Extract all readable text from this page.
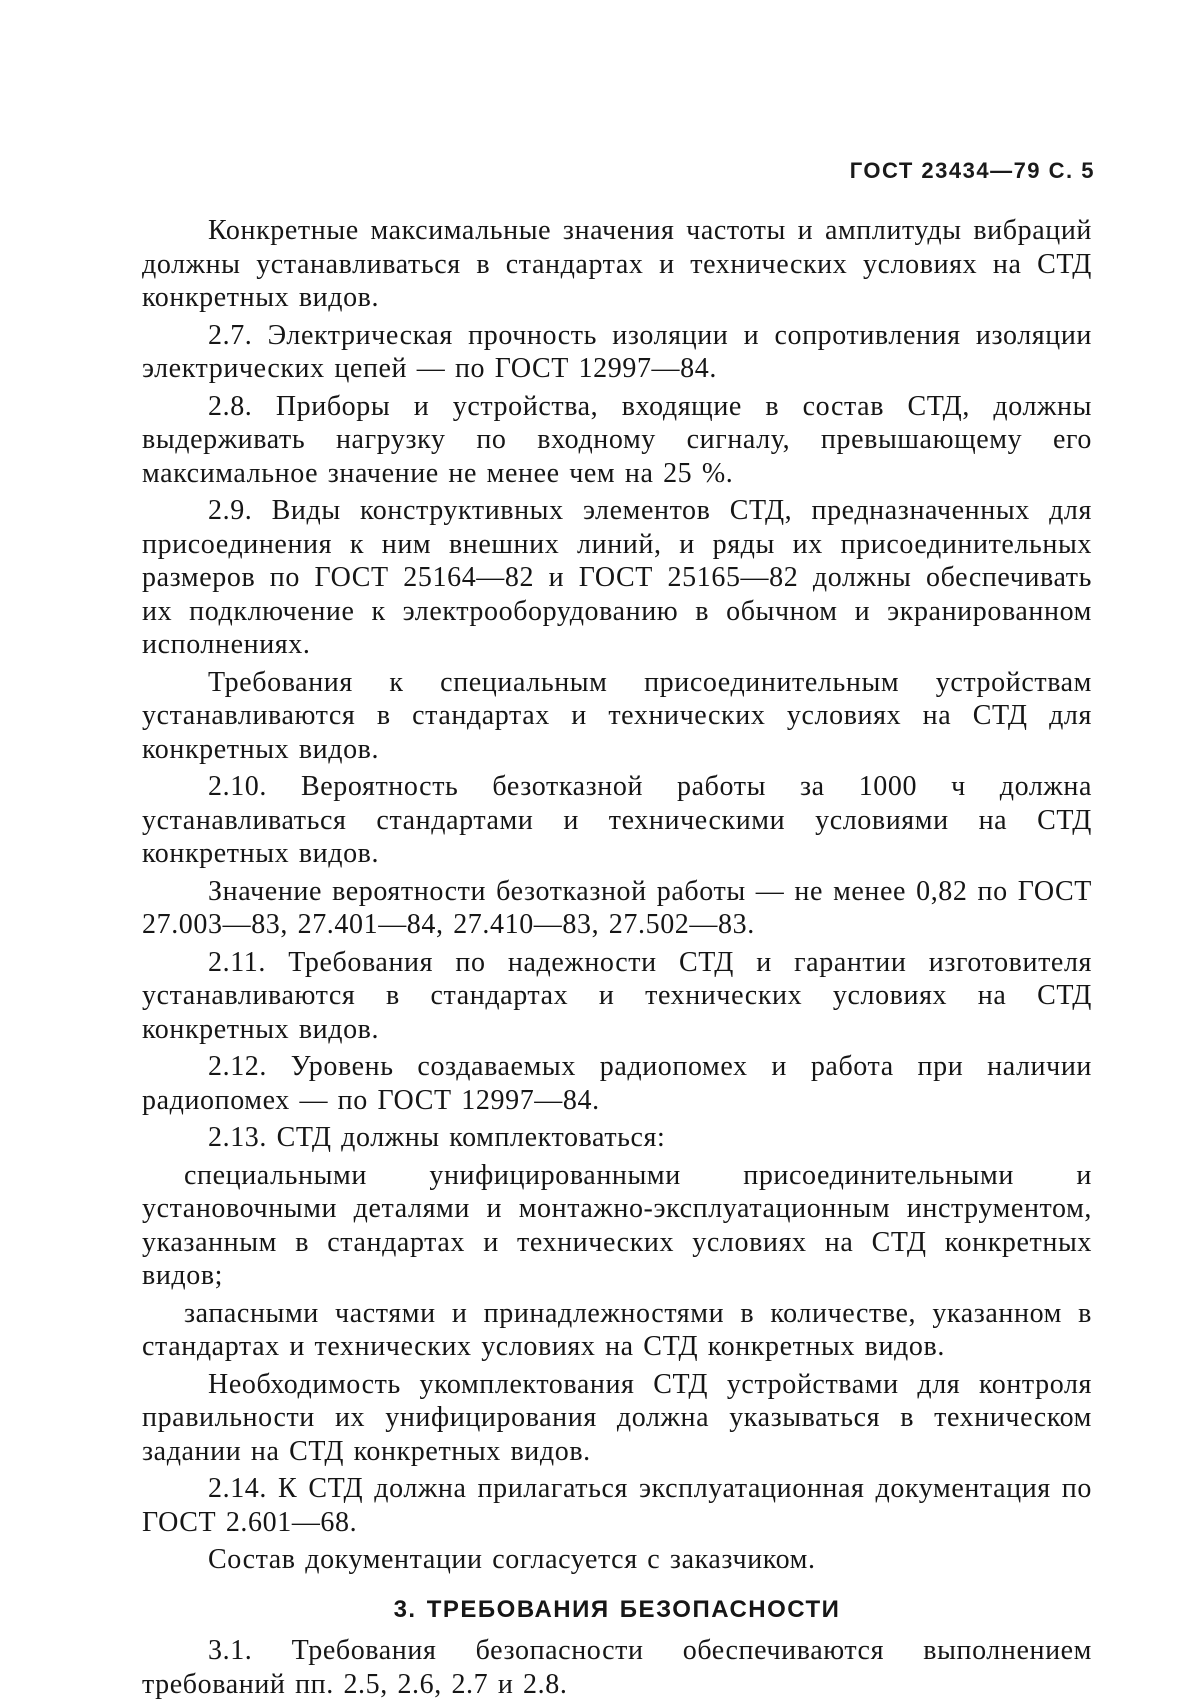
ГОСТ 23434—79 С. 5

Конкретные максимальные значения частоты и амплитуды вибраций должны устанавливаться в стандартах и технических условиях на СТД конкретных видов.

2.7. Электрическая прочность изоляции и сопротивления изоляции электрических цепей — по ГОСТ 12997—84.

2.8. Приборы и устройства, входящие в состав СТД, должны выдерживать нагрузку по входному сигналу, превышающему его максимальное значение не менее чем на 25 %.

2.9. Виды конструктивных элементов СТД, предназначенных для присоединения к ним внешних линий, и ряды их присоединительных размеров по ГОСТ 25164—82 и ГОСТ 25165—82 должны обеспечивать их подключение к электрооборудованию в обычном и экранированном исполнениях.

Требования к специальным присоединительным устройствам устанавливаются в стандартах и технических условиях на СТД для конкретных видов.

2.10. Вероятность безотказной работы за 1000 ч должна устанавливаться стандартами и техническими условиями на СТД конкретных видов.

Значение вероятности безотказной работы — не менее 0,82 по ГОСТ 27.003—83, 27.401—84, 27.410—83, 27.502—83.

2.11. Требования по надежности СТД и гарантии изготовителя устанавливаются в стандартах и технических условиях на СТД конкретных видов.

2.12. Уровень создаваемых радиопомех и работа при наличии радиопомех — по ГОСТ 12997—84.

2.13. СТД должны комплектоваться:

специальными унифицированными присоединительными и установочными деталями и монтажно-эксплуатационным инструментом, указанным в стандартах и технических условиях на СТД конкретных видов;

запасными частями и принадлежностями в количестве, указанном в стандартах и технических условиях на СТД конкретных видов.

Необходимость укомплектования СТД устройствами для контроля правильности их унифицирования должна указываться в техническом задании на СТД конкретных видов.

2.14. К СТД должна прилагаться эксплуатационная документация по ГОСТ 2.601—68.

Состав документации согласуется с заказчиком.

3. ТРЕБОВАНИЯ БЕЗОПАСНОСТИ

3.1. Требования безопасности обеспечиваются выполнением требований пп. 2.5, 2.6, 2.7 и 2.8.
